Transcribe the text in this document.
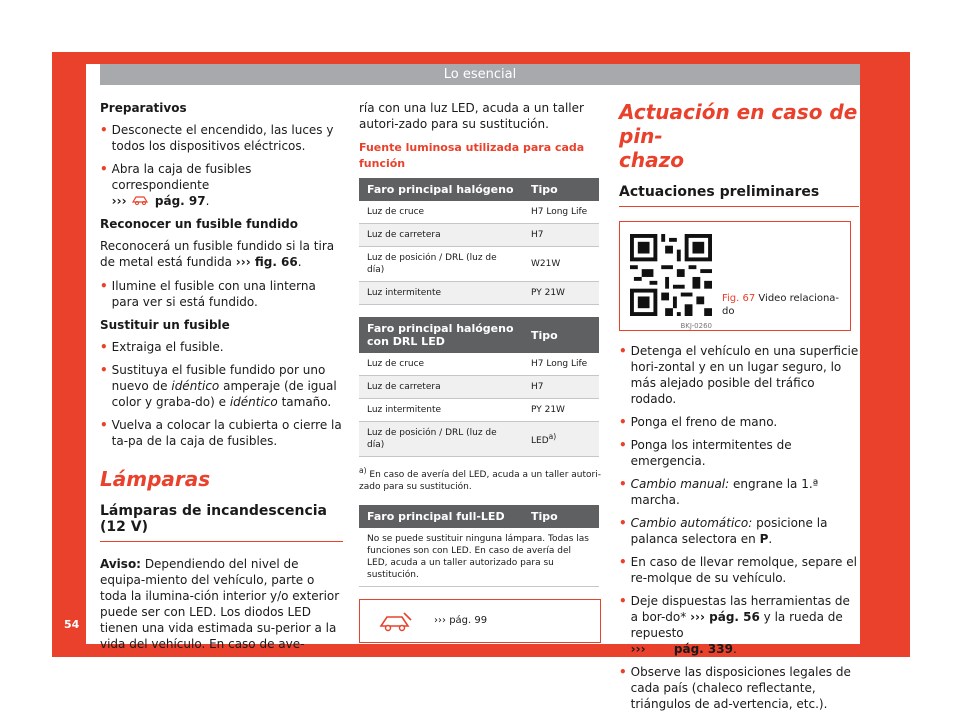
Lo esencial
54
Preparativos
• Desconecte el encendido, las luces y todos los dispositivos eléctricos.
• Abra la caja de fusibles correspondiente
››› pág. 97.
Reconocer un fusible fundido

Reconocerá un fusible fundido si la tira de metal está fundida ››› fig. 66.

• Ilumine el fusible con una linterna para ver si está fundido.
Sustituir un fusible
• Extraiga el fusible.
• Sustituya el fusible fundido por uno nuevo de idéntico amperaje (de igual color y graba-do) e idéntico tamaño.
• Vuelva a colocar la cubierta o cierre la ta-pa de la caja de fusibles.
Lámparas
Lámparas de incandescencia (12 V)

Aviso: Dependiendo del nivel de equipa-miento del vehículo, parte o toda la ilumina-ción interior y/o exterior puede ser con LED. Los diodos LED tienen una vida estimada su-perior a la vida del vehículo. En caso de ave-

ría con una luz LED, acuda a un taller autori-zado para su sustitución.

Fuente luminosa utilizada para cada función
Faro principal halógeno	Tipo
Luz de cruce	H7 Long Life
Luz de carretera	H7
Luz de posición / DRL (luz de día)	W21W
Luz intermitente	PY 21W
Faro principal halógeno con DRL LED	Tipo
Luz de cruce	H7 Long Life
Luz de carretera	H7
Luz intermitente	PY 21W
Luz de posición / DRL (luz de día)	LED$^{a)}$
$^{a)}$ En caso de avería del LED, acuda a un taller autori-zado para su sustitución.
Faro principal full-LED	Tipo
No se puede sustituir ninguna lámpara. Todas las funciones son con LED. En caso de avería del LED, acuda a un taller autorizado para su sustitución.
››› pág. 99
Actuación en caso de pin-
chazo
Actuaciones preliminares
BKJ-0260
Fig. 67 Video relaciona-do
• Detenga el vehículo en una superficie hori-zontal y en un lugar seguro, lo más alejado posible del tráfico rodado.
• Ponga el freno de mano.
• Ponga los intermitentes de emergencia.
• Cambio manual: engrane la 1.ª marcha.
• Cambio automático: posicione la palanca selectora en P.
• En caso de llevar remolque, separe el re-molque de su vehículo.
• Deje dispuestas las herramientas de a bor-do* ››› pág. 56 y la rueda de repuesto
››› pág. 339.
• Observe las disposiciones legales de cada país (chaleco reflectante, triángulos de ad-vertencia, etc.).
